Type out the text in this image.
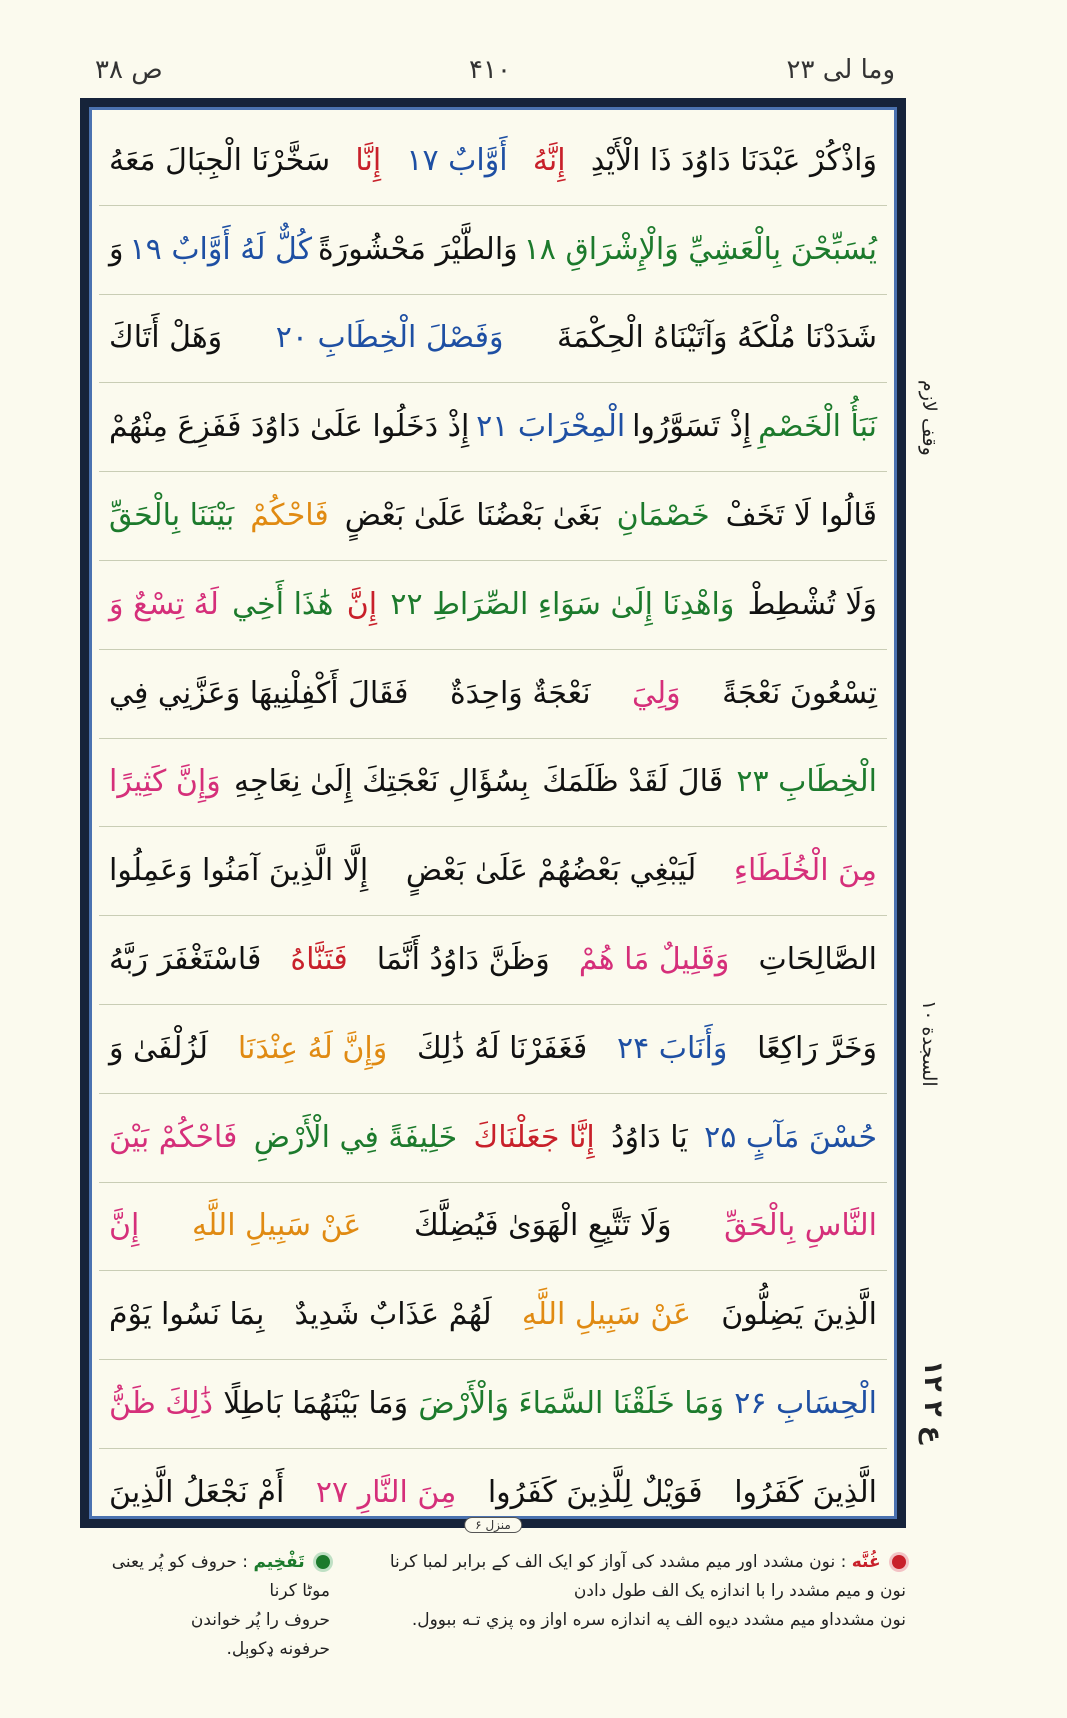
وما لی ۲۳
۴۱۰
ص ۳۸
وَاذْكُرْ عَبْدَنَا دَاوُدَ ذَا الْأَيْدِ
إِنَّهُ
أَوَّابٌ ۱۷
إِنَّا
سَخَّرْنَا الْجِبَالَ مَعَهُ
يُسَبِّحْنَ بِالْعَشِيِّ وَالْإِشْرَاقِ ۱۸
وَالطَّيْرَ مَحْشُورَةً
كُلٌّ لَهُ أَوَّابٌ ۱۹
وَ
شَدَدْنَا مُلْكَهُ وَآتَيْنَاهُ الْحِكْمَةَ
وَفَصْلَ الْخِطَابِ ۲۰
وَهَلْ أَتَاكَ
نَبَأُ الْخَصْمِ
إِذْ تَسَوَّرُوا
الْمِحْرَابَ ۲۱
إِذْ دَخَلُوا عَلَىٰ دَاوُدَ فَفَزِعَ مِنْهُمْ
قَالُوا لَا تَخَفْ
خَصْمَانِ
بَغَىٰ بَعْضُنَا عَلَىٰ بَعْضٍ
فَاحْكُمْ
بَيْنَنَا بِالْحَقِّ
وَلَا تُشْطِطْ
وَاهْدِنَا إِلَىٰ سَوَاءِ الصِّرَاطِ ۲۲
إِنَّ
هَٰذَا أَخِي
لَهُ تِسْعٌ وَ
تِسْعُونَ نَعْجَةً
وَلِيَ
نَعْجَةٌ وَاحِدَةٌ
فَقَالَ أَكْفِلْنِيهَا وَعَزَّنِي فِي
الْخِطَابِ ۲۳
قَالَ لَقَدْ ظَلَمَكَ
بِسُؤَالِ نَعْجَتِكَ إِلَىٰ نِعَاجِهِ
وَإِنَّ كَثِيرًا
مِنَ الْخُلَطَاءِ
لَيَبْغِي بَعْضُهُمْ عَلَىٰ بَعْضٍ
إِلَّا الَّذِينَ آمَنُوا وَعَمِلُوا
الصَّالِحَاتِ
وَقَلِيلٌ مَا هُمْ
وَظَنَّ دَاوُدُ أَنَّمَا
فَتَنَّاهُ
فَاسْتَغْفَرَ رَبَّهُ
وَخَرَّ رَاكِعًا
وَأَنَابَ ۲۴
فَغَفَرْنَا لَهُ ذَٰلِكَ
وَإِنَّ لَهُ عِنْدَنَا
لَزُلْفَىٰ وَ
حُسْنَ مَآبٍ ۲۵
يَا دَاوُدُ
إِنَّا جَعَلْنَاكَ
خَلِيفَةً فِي الْأَرْضِ
فَاحْكُمْ بَيْنَ
النَّاسِ بِالْحَقِّ
وَلَا تَتَّبِعِ الْهَوَىٰ فَيُضِلَّكَ
عَنْ سَبِيلِ اللَّهِ
إِنَّ
الَّذِينَ يَضِلُّونَ
عَنْ سَبِيلِ اللَّهِ
لَهُمْ عَذَابٌ شَدِيدٌ
بِمَا نَسُوا يَوْمَ
الْحِسَابِ ۲۶
وَمَا خَلَقْنَا السَّمَاءَ وَالْأَرْضَ
وَمَا بَيْنَهُمَا بَاطِلًا
ذَٰلِكَ ظَنُّ
الَّذِينَ كَفَرُوا
فَوَيْلٌ لِلَّذِينَ كَفَرُوا
مِنَ النَّارِ ۲۷
أَمْ نَجْعَلُ الَّذِينَ
منزل ۶
وقف لازم
السجدة ۱۰
ع ۲ ۱۲
غُنَّه : نون مشدد اور میم مشدد کی آواز کو ایک الف کے برابر لمبا کرنا
نون و میم مشدد را با اندازه یک الف طول دادن
نون مشدداو میم مشدد دیوه الف په اندازه سره اواز وه پزي تـه ببوول.
تَفْخِيم : حروف کو پُر یعنی موٹا کرنا
حروف را پُر خواندن
حرفونه ډکوېل.
